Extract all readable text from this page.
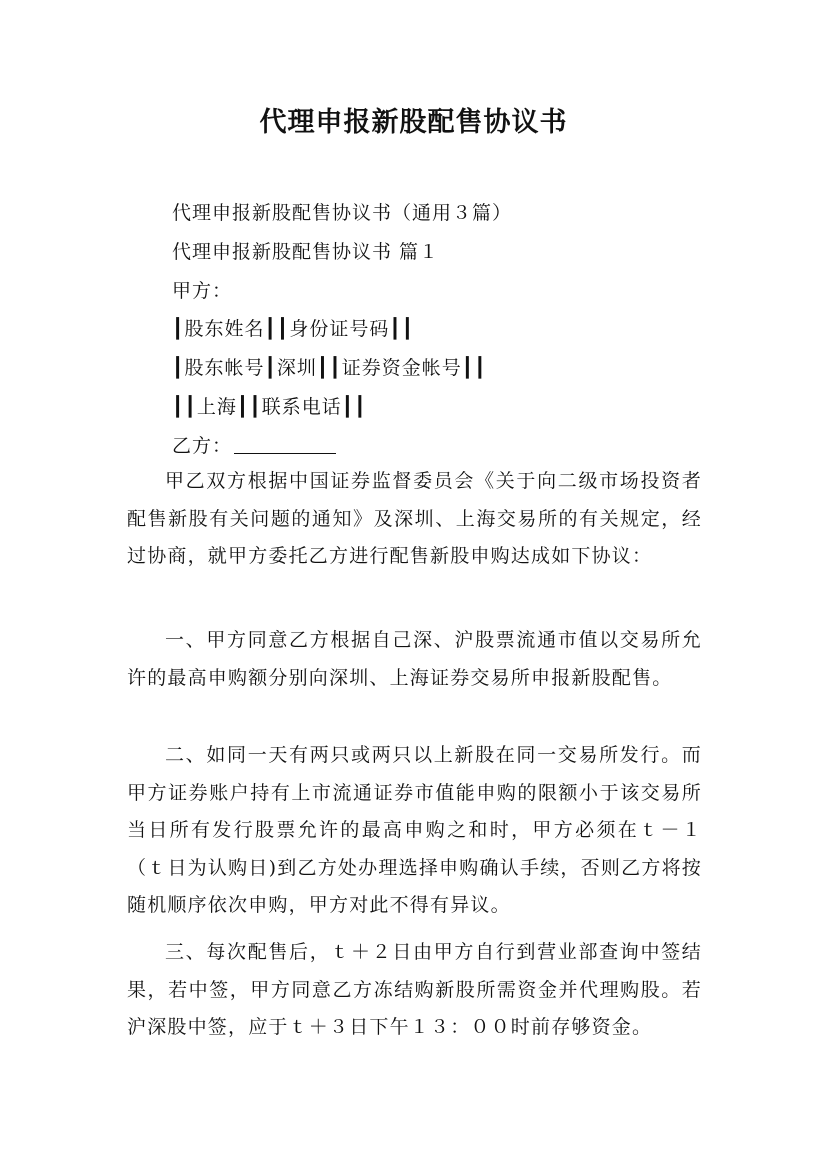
代理申报新股配售协议书

代理申报新股配售协议书（通用３篇）

代理申报新股配售协议书 篇１

甲方：

┃股东姓名┃┃身份证号码┃┃

┃股东帐号┃深圳┃┃证券资金帐号┃┃

┃┃上海┃┃联系电话┃┃

乙方：

甲乙双方根据中国证券监督委员会《关于向二级市场投资者配售新股有关问题的通知》及深圳、上海交易所的有关规定，经过协商，就甲方委托乙方进行配售新股申购达成如下协议：

一、甲方同意乙方根据自己深、沪股票流通市值以交易所允许的最高申购额分别向深圳、上海证券交易所申报新股配售。

二、如同一天有两只或两只以上新股在同一交易所发行。而甲方证券账户持有上市流通证券市值能申购的限额小于该交易所当日所有发行股票允许的最高申购之和时，甲方必须在ｔ－１（ｔ日为认购日)到乙方处办理选择申购确认手续，否则乙方将按随机顺序依次申购，甲方对此不得有异议。

三、每次配售后，ｔ＋２日由甲方自行到营业部查询中签结果，若中签，甲方同意乙方冻结购新股所需资金并代理购股。若沪深股中签，应于ｔ＋３日下午１３：００时前存够资金。
